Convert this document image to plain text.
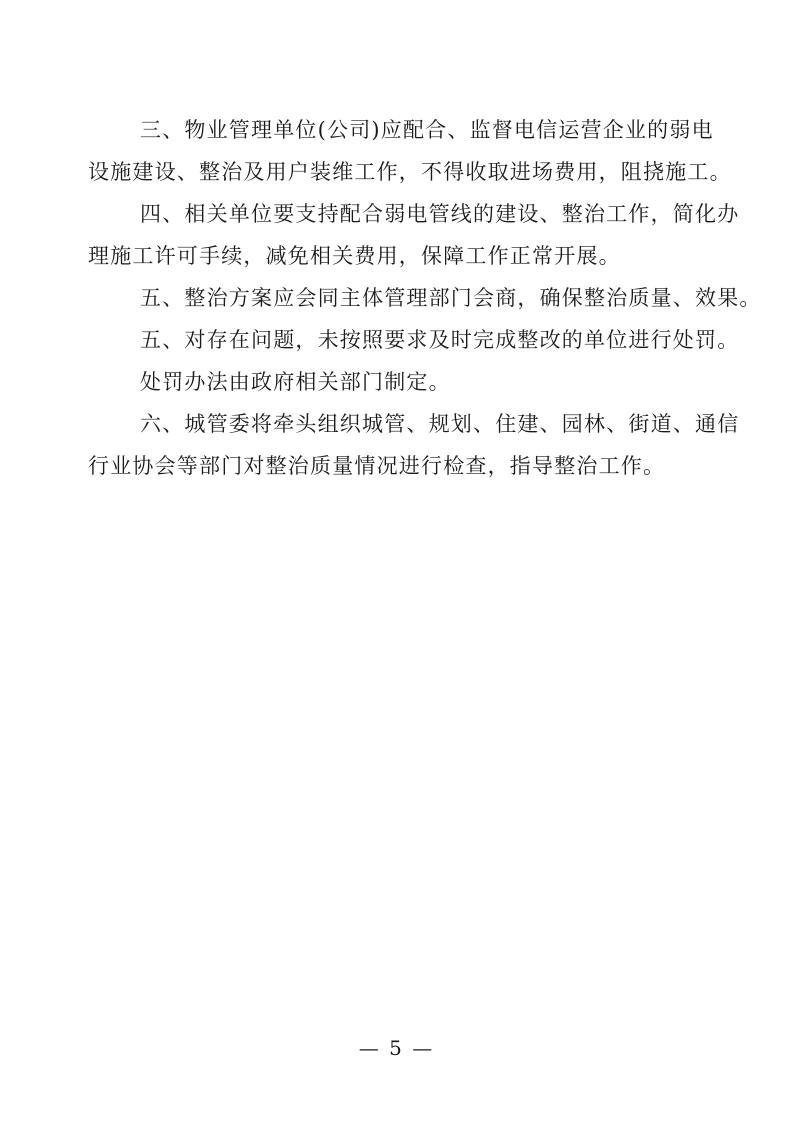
三、物业管理单位(公司)应配合、监督电信运营企业的弱电
设施建设、整治及用户装维工作，不得收取进场费用，阻挠施工。
四、相关单位要支持配合弱电管线的建设、整治工作，简化办
理施工许可手续，减免相关费用，保障工作正常开展。
五、整治方案应会同主体管理部门会商，确保整治质量、效果。
五、对存在问题，未按照要求及时完成整改的单位进行处罚。
处罚办法由政府相关部门制定。
六、城管委将牵头组织城管、规划、住建、园林、街道、通信
行业协会等部门对整治质量情况进行检查，指导整治工作。
— 5 —
